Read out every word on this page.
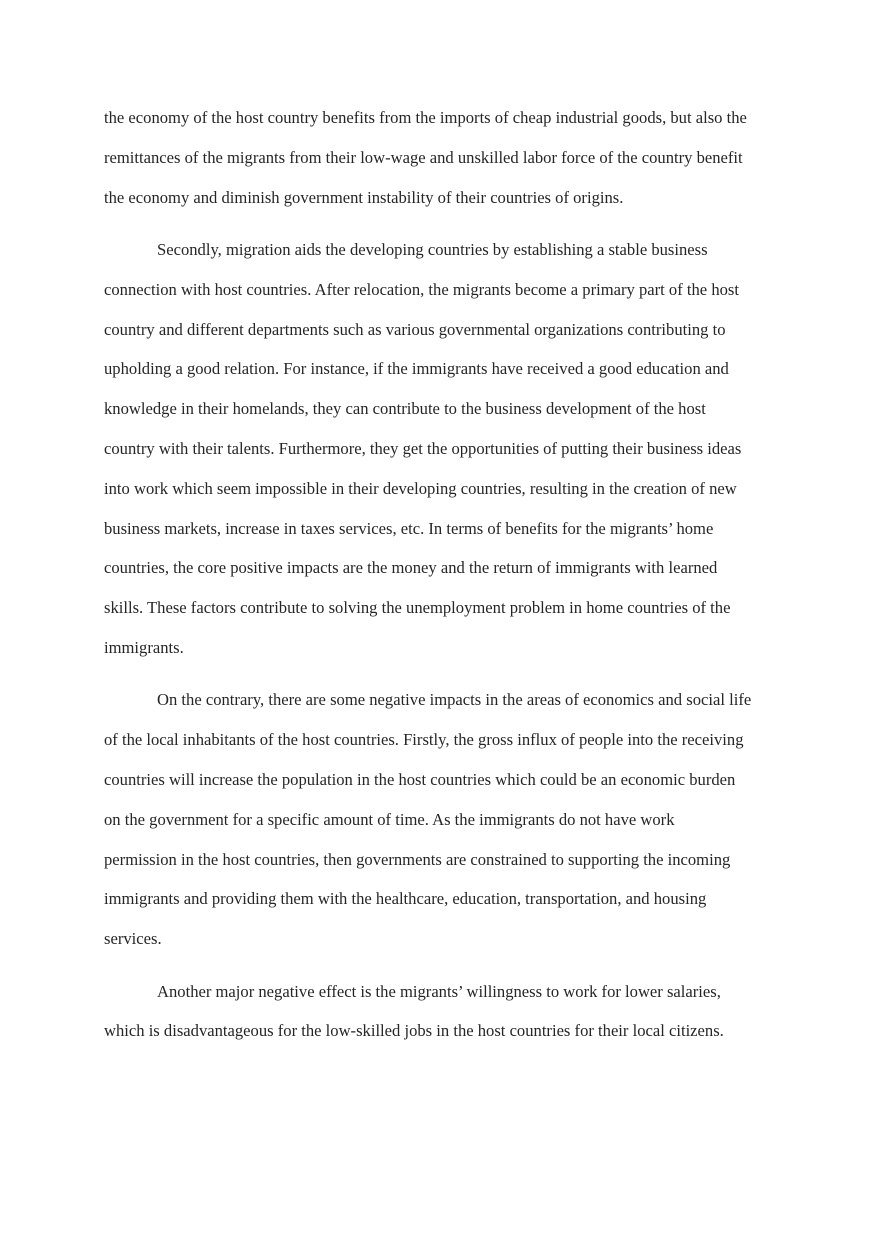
the economy of the host country benefits from the imports of cheap industrial goods, but also the
remittances of the migrants from their low-wage and unskilled labor force of the country benefit
the economy and diminish government instability of their countries of origins.

Secondly, migration aids the developing countries by establishing a stable business
connection with host countries. After relocation, the migrants become a primary part of the host
country and different departments such as various governmental organizations contributing to
upholding a good relation. For instance, if the immigrants have received a good education and
knowledge in their homelands, they can contribute to the business development of the host
country with their talents. Furthermore, they get the opportunities of putting their business ideas
into work which seem impossible in their developing countries, resulting in the creation of new
business markets, increase in taxes services, etc. In terms of benefits for the migrants’ home
countries, the core positive impacts are the money and the return of immigrants with learned
skills. These factors contribute to solving the unemployment problem in home countries of the
immigrants.

On the contrary, there are some negative impacts in the areas of economics and social life
of the local inhabitants of the host countries. Firstly, the gross influx of people into the receiving
countries will increase the population in the host countries which could be an economic burden
on the government for a specific amount of time. As the immigrants do not have work
permission in the host countries, then governments are constrained to supporting the incoming
immigrants and providing them with the healthcare, education, transportation, and housing
services.

Another major negative effect is the migrants’ willingness to work for lower salaries,
which is disadvantageous for the low-skilled jobs in the host countries for their local citizens.
